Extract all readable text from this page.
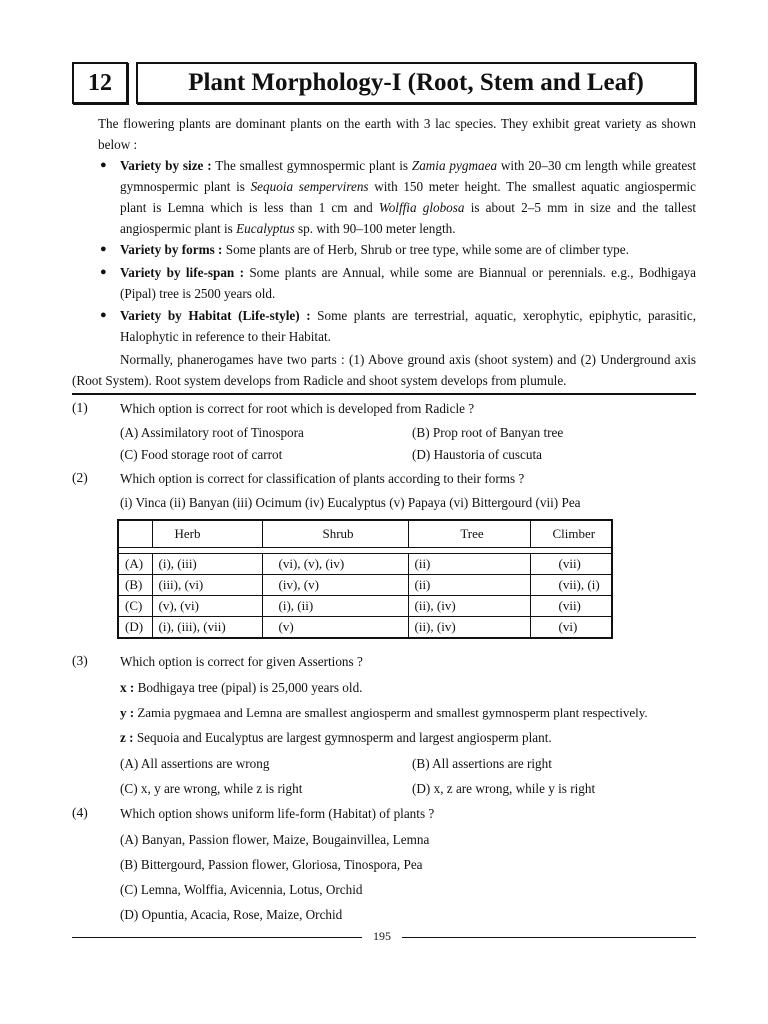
12	Plant Morphology-I (Root, Stem and Leaf)
The flowering plants are dominant plants on the earth with 3 lac species. They exhibit great variety as shown below :
● Variety by size : The smallest gymnospermic plant is Zamia pygmaea with 20–30 cm length while greatest gymnospermic plant is Sequoia sempervirens with 150 meter height. The smallest aquatic angiospermic plant is Lemna which is less than 1 cm and Wolffia globosa is about 2–5 mm in size and the tallest angiospermic plant is Eucalyptus sp. with 90–100 meter length.
● Variety by forms : Some plants are of Herb, Shrub or tree type, while some are of climber type.
● Variety by life-span : Some plants are Annual, while some are Biannual or perennials. e.g., Bodhigaya (Pipal) tree is 2500 years old.
● Variety by Habitat (Life-style) : Some plants are terrestrial, aquatic, xerophytic, epiphytic, parasitic, Halophytic in reference to their Habitat.
Normally, phanerogames have two parts : (1) Above ground axis (shoot system) and (2) Underground axis (Root System). Root system develops from Radicle and shoot system develops from plumule.
(1) Which option is correct for root which is developed from Radicle ?
(A) Assimilatory root of Tinospora	(B) Prop root of Banyan tree
(C) Food storage root of carrot	(D) Haustoria of cuscuta
(2) Which option is correct for classification of plants according to their forms ?
(i) Vinca (ii) Banyan (iii) Ocimum (iv) Eucalyptus (v) Papaya (vi) Bittergourd (vii) Pea
	Herb	Shrub	Tree	Climber

(A)	(i), (iii)	(vi), (v), (iv)	(ii)	(vii)
(B)	(iii), (vi)	(iv), (v)	(ii)	(vii), (i)
(C)	(v), (vi)	(i), (ii)	(ii), (iv)	(vii)
(D)	(i), (iii), (vii)	(v)	(ii), (iv)	(vi)
(3) Which option is correct for given Assertions ?
x : Bodhigaya tree (pipal) is 25,000 years old.
y : Zamia pygmaea and Lemna are smallest angiosperm and smallest gymnosperm plant respectively.
z : Sequoia and Eucalyptus are largest gymnosperm and largest angiosperm plant.
(A) All assertions are wrong	(B) All assertions are right
(C) x, y are wrong, while z is right	(D) x, z are wrong, while y is right
(4) Which option shows uniform life-form (Habitat) of plants ?
(A) Banyan, Passion flower, Maize, Bougainvillea, Lemna
(B) Bittergourd, Passion flower, Gloriosa, Tinospora, Pea
(C) Lemna, Wolffia, Avicennia, Lotus, Orchid
(D) Opuntia, Acacia, Rose, Maize, Orchid
195
